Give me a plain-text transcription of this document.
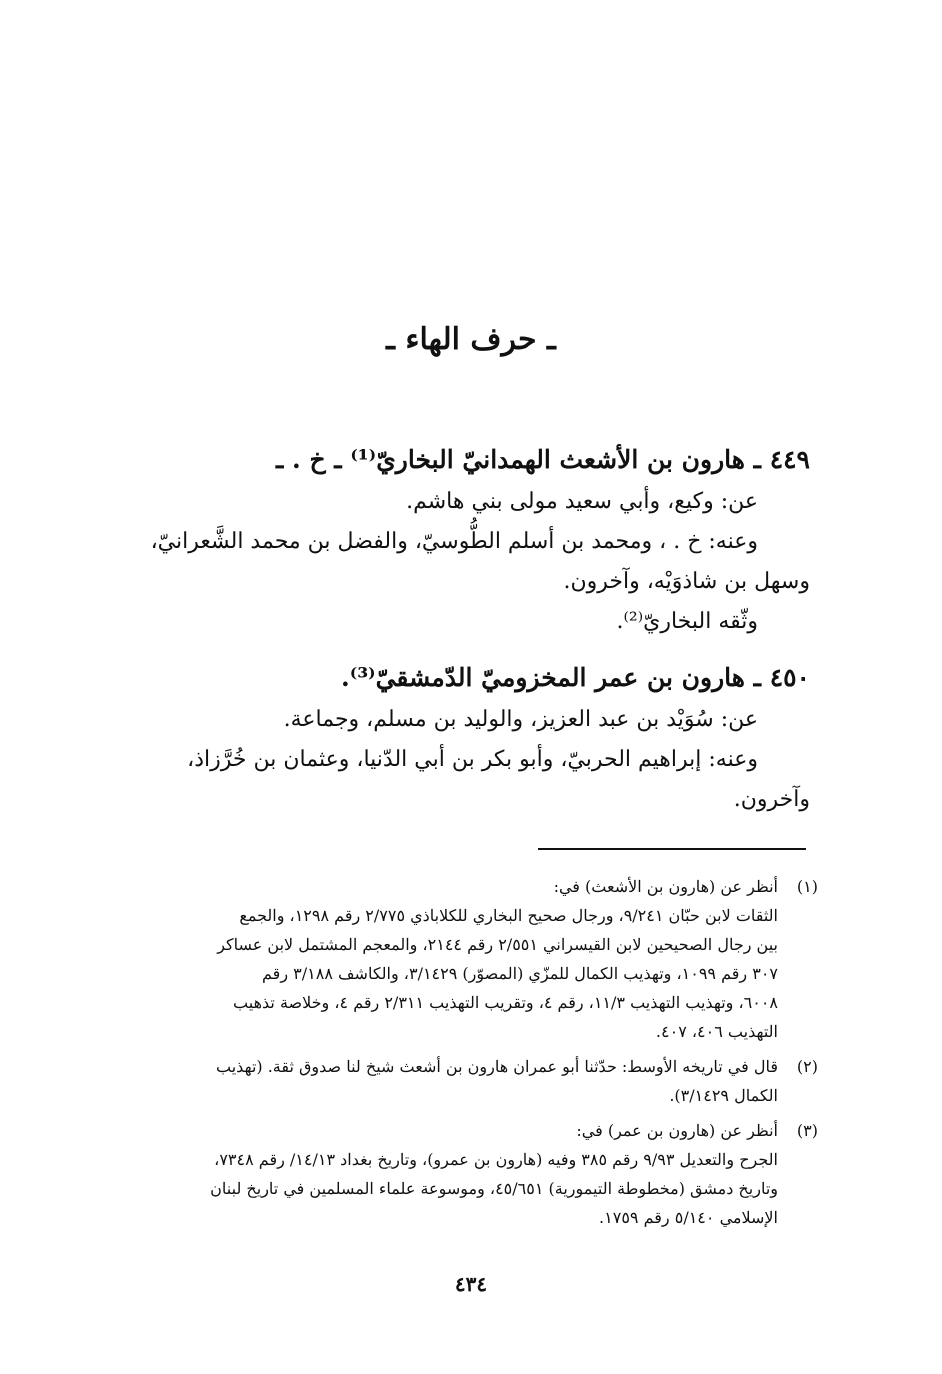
ـ حرف الهاء ـ

٤٤٩ ـ هارون بن الأشعث الهمدانيّ البخاريّ⁽¹⁾ ـ خ . ـ

عن: وكيع، وأبي سعيد مولى بني هاشم.

وعنه: خ . ، ومحمد بن أسلم الطُّوسيّ، والفضل بن محمد الشَّعرانيّ،

وسهل بن شاذوَيْه، وآخرون.

وثّقه البخاريّ⁽²⁾.

٤٥٠ ـ هارون بن عمر المخزوميّ الدّمشقيّ⁽³⁾.

عن: سُوَيْد بن عبد العزيز، والوليد بن مسلم، وجماعة.

وعنه: إبراهيم الحربيّ، وأبو بكر بن أبي الدّنيا، وعثمان بن خُرَّزاذ،

وآخرون.

(١)

أنظر عن (هارون بن الأشعث) في:

الثقات لابن حبّان ٩/٢٤١، ورجال صحيح البخاري للكلاباذي ٢/٧٧٥ رقم ١٢٩٨، والجمع

بين رجال الصحيحين لابن القيسراني ٢/٥٥١ رقم ٢١٤٤، والمعجم المشتمل لابن عساكر

٣٠٧ رقم ١٠٩٩، وتهذيب الكمال للمزّي (المصوّر) ٣/١٤٢٩، والكاشف ٣/١٨٨ رقم

٦٠٠٨، وتهذيب التهذيب ١١/٣، رقم ٤، وتقريب التهذيب ٢/٣١١ رقم ٤، وخلاصة تذهيب

التهذيب ٤٠٦، ٤٠٧.

(٢)

قال في تاريخه الأوسط: حدّثنا أبو عمران هارون بن أشعث شيخ لنا صدوق ثقة. (تهذيب

الكمال ٣/١٤٢٩).

(٣)

أنظر عن (هارون بن عمر) في:

الجرح والتعديل ٩/٩٣ رقم ٣٨٥ وفيه (هارون بن عمرو)، وتاريخ بغداد ١٤/١٣/ رقم ٧٣٤٨،

وتاريخ دمشق (مخطوطة التيمورية) ٤٥/٦٥١، وموسوعة علماء المسلمين في تاريخ لبنان

الإسلامي ٥/١٤٠ رقم ١٧٥٩.

٤٣٤
